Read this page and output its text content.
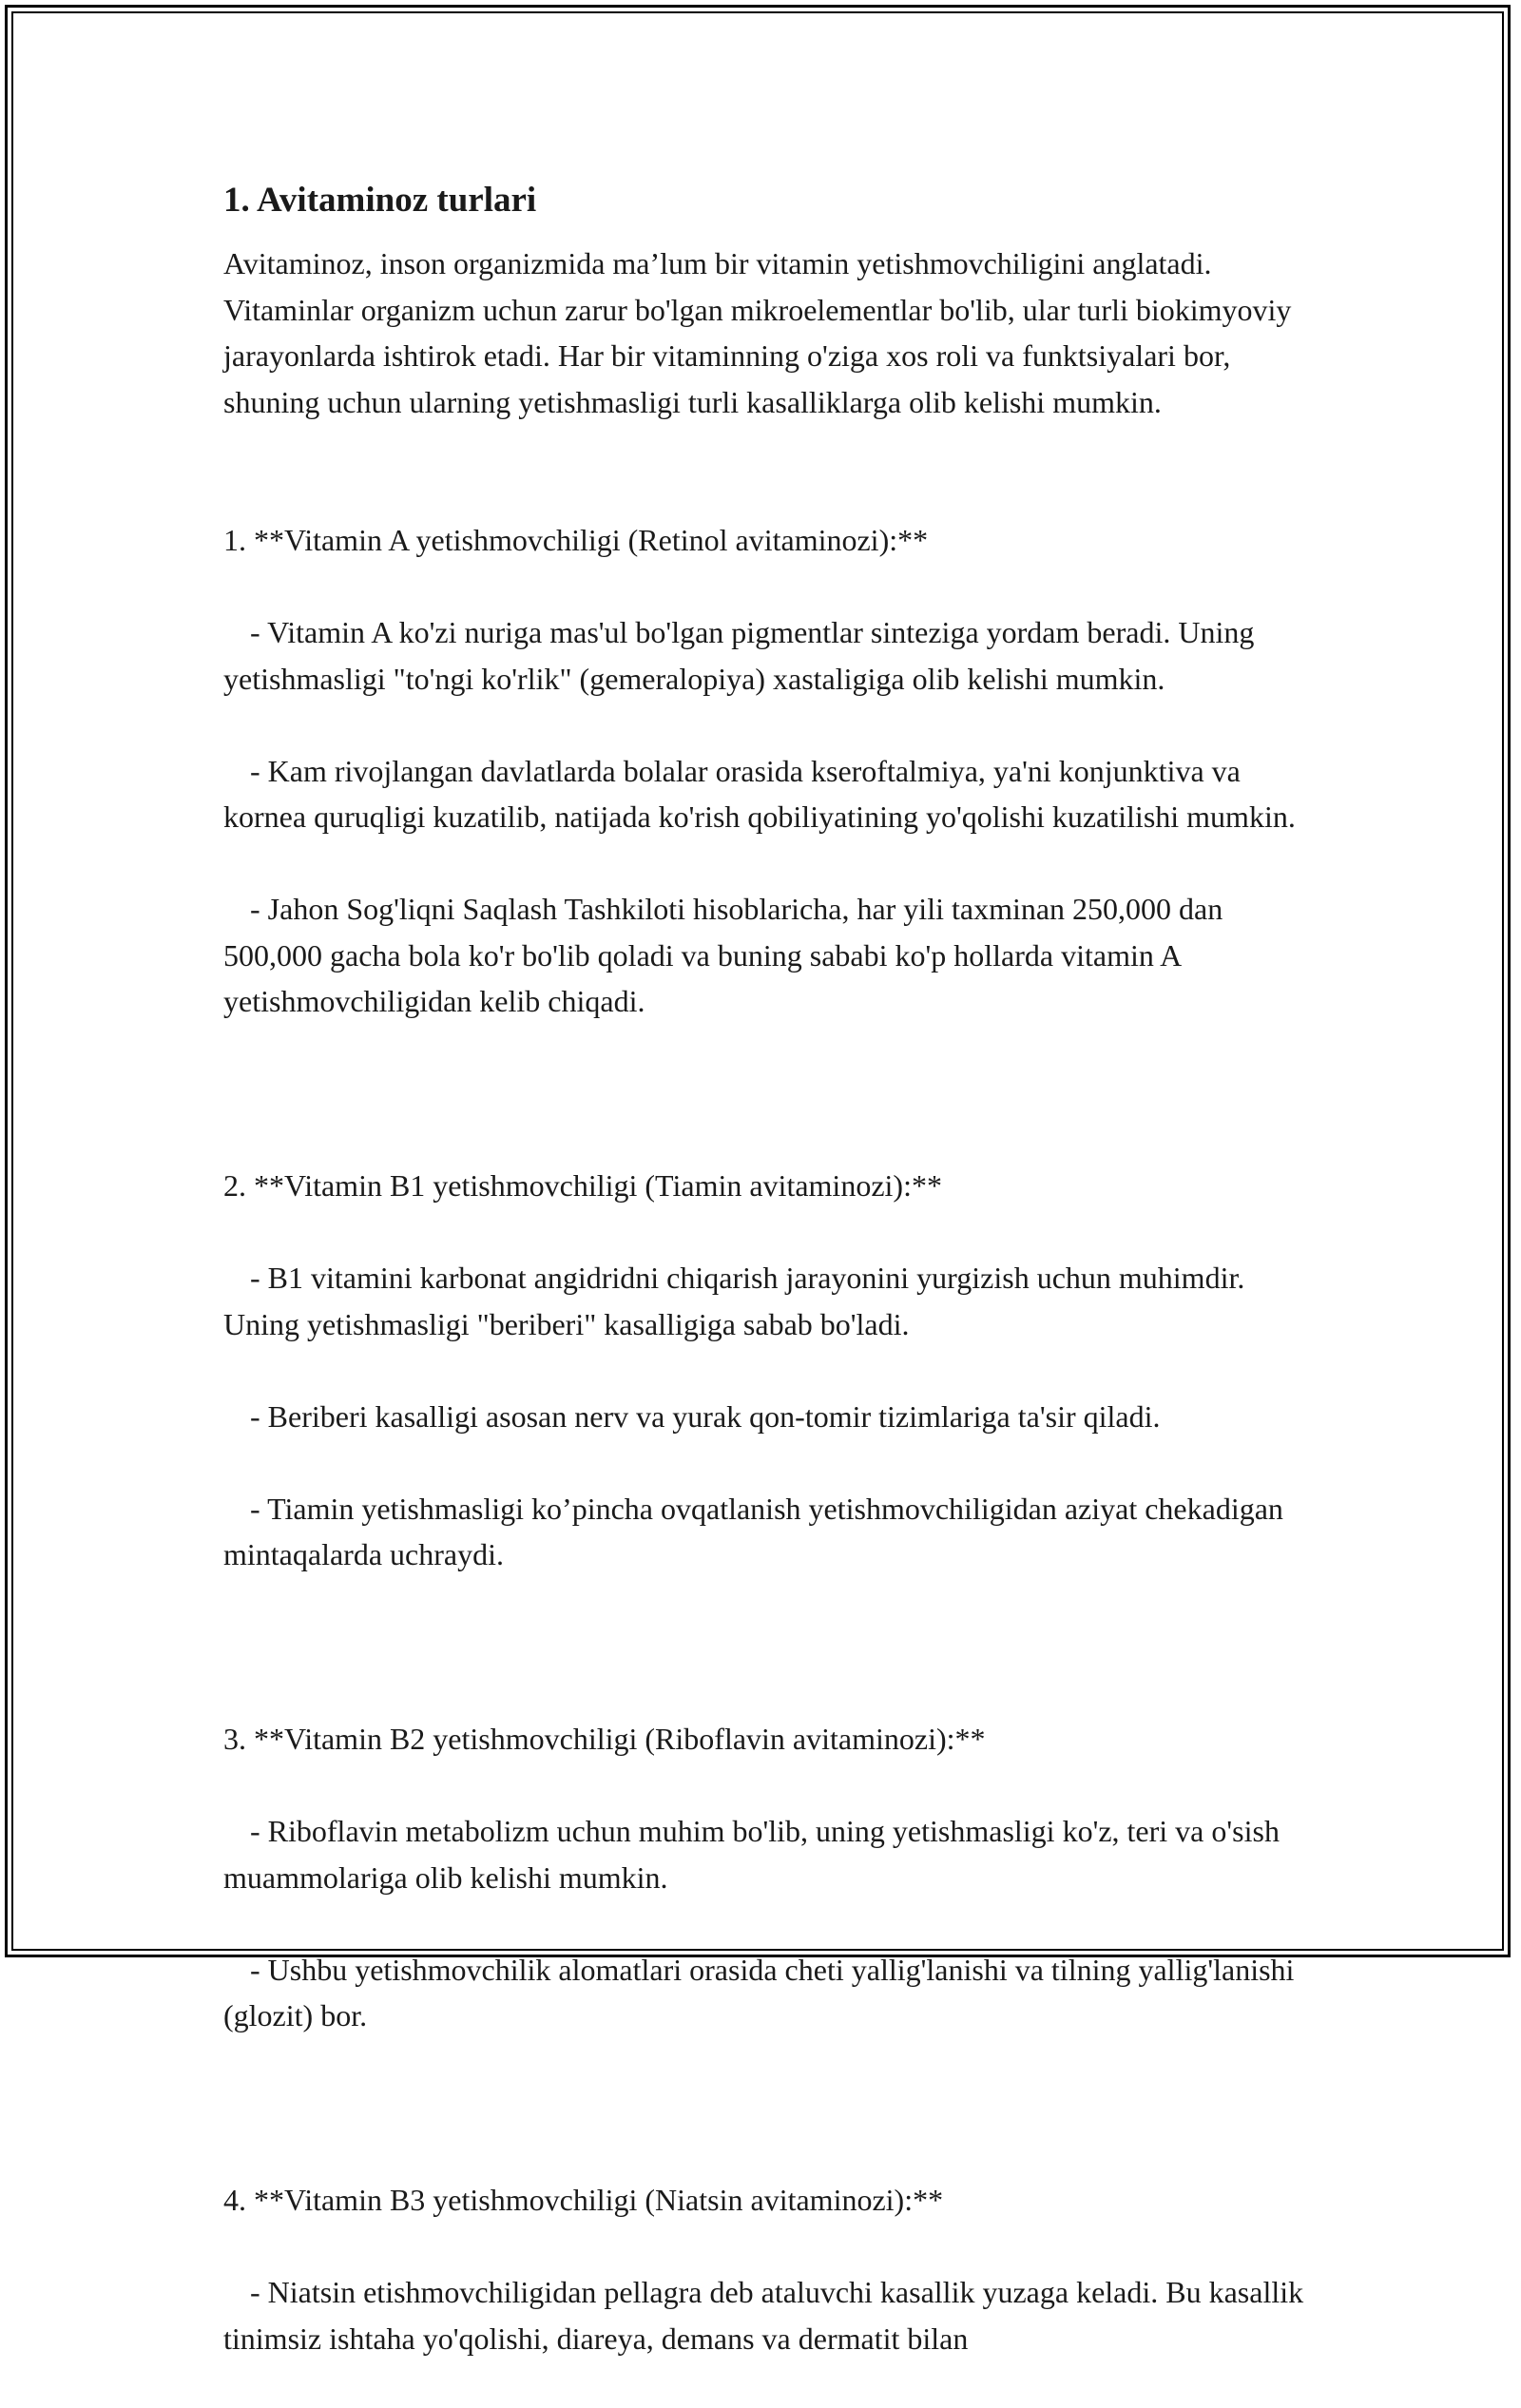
1. Avitaminoz turlari

Avitaminoz, inson organizmida ma’lum bir vitamin yetishmovchiligini anglatadi. Vitaminlar organizm uchun zarur bo'lgan mikroelementlar bo'lib, ular turli biokimyoviy jarayonlarda ishtirok etadi. Har bir vitaminning o'ziga xos roli va funktsiyalari bor, shuning uchun ularning yetishmasligi turli kasalliklarga olib kelishi mumkin.

1. **Vitamin A yetishmovchiligi (Retinol avitaminozi):**

- Vitamin A ko'zi nuriga mas'ul bo'lgan pigmentlar sinteziga yordam beradi. Uning yetishmasligi "to'ngi ko'rlik" (gemeralopiya) xastaligiga olib kelishi mumkin.

- Kam rivojlangan davlatlarda bolalar orasida kseroftalmiya, ya'ni konjunktiva va kornea quruqligi kuzatilib, natijada ko'rish qobiliyatining yo'qolishi kuzatilishi mumkin.

- Jahon Sog'liqni Saqlash Tashkiloti hisoblaricha, har yili taxminan 250,000 dan 500,000 gacha bola ko'r bo'lib qoladi va buning sababi ko'p hollarda vitamin A yetishmovchiligidan kelib chiqadi.

2. **Vitamin B1 yetishmovchiligi (Tiamin avitaminozi):**

- B1 vitamini karbonat angidridni chiqarish jarayonini yurgizish uchun muhimdir. Uning yetishmasligi "beriberi" kasalligiga sabab bo'ladi.

- Beriberi kasalligi asosan nerv va yurak qon-tomir tizimlariga ta'sir qiladi.

- Tiamin yetishmasligi ko’pincha ovqatlanish yetishmovchiligidan aziyat chekadigan mintaqalarda uchraydi.

3. **Vitamin B2 yetishmovchiligi (Riboflavin avitaminozi):**

- Riboflavin metabolizm uchun muhim bo'lib, uning yetishmasligi ko'z, teri va o'sish muammolariga olib kelishi mumkin.

- Ushbu yetishmovchilik alomatlari orasida cheti yallig'lanishi va tilning yallig'lanishi (glozit) bor.

4. **Vitamin B3 yetishmovchiligi (Niatsin avitaminozi):**

- Niatsin etishmovchiligidan pellagra deb ataluvchi kasallik yuzaga keladi. Bu kasallik tinimsiz ishtaha yo'qolishi, diareya, demans va dermatit bilan
